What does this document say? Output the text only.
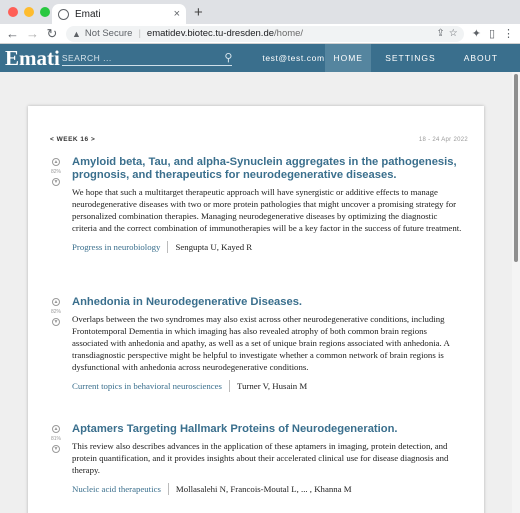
Emati	× +
← → ↻ ▲ Not Secure | ematidev.biotec.tu-dresden.de/home/	⇪ ☆ ✦ ▯ ⋮
Emati
SEARCH ...	⚲	test@test.com	HOME	SETTINGS	ABOUT
< WEEK 16 >	18 - 24 Apr 2022
▲
82%
▼
Amyloid beta, Tau, and alpha-Synuclein aggregates in the pathogenesis, prognosis, and therapeutics for neurodegenerative diseases.
We hope that such a multitarget therapeutic approach will have synergistic or additive effects to manage neurodegenerative diseases with two or more protein pathologies that might uncover a promising strategy for personalized combination therapies. Managing neurodegenerative diseases by optimizing the diagnostic criteria and the correct combination of immunotherapies will be a key factor in the success of future treatment.
Progress in neurobiology Sengupta U, Kayed R
▲
82%
▼
Anhedonia in Neurodegenerative Diseases.
Overlaps between the two syndromes may also exist across other neurodegenerative conditions, including Frontotemporal Dementia in which imaging has also revealed atrophy of both common brain regions associated with anhedonia and apathy, as well as a set of unique brain regions associated with anhedonia. A transdiagnostic perspective might be helpful to investigate whether a common network of brain regions is dysfunctional with anhedonia across neurodegenerative conditions.
Current topics in behavioral neurosciences Turner V, Husain M
▲
81%
▼
Aptamers Targeting Hallmark Proteins of Neurodegeneration.
This review also describes advances in the application of these aptamers in imaging, protein detection, and protein quantification, and it provides insights about their accelerated clinical use for disease diagnosis and therapy.
Nucleic acid therapeutics Mollasalehi N, Francois-Moutal L, ... , Khanna M
